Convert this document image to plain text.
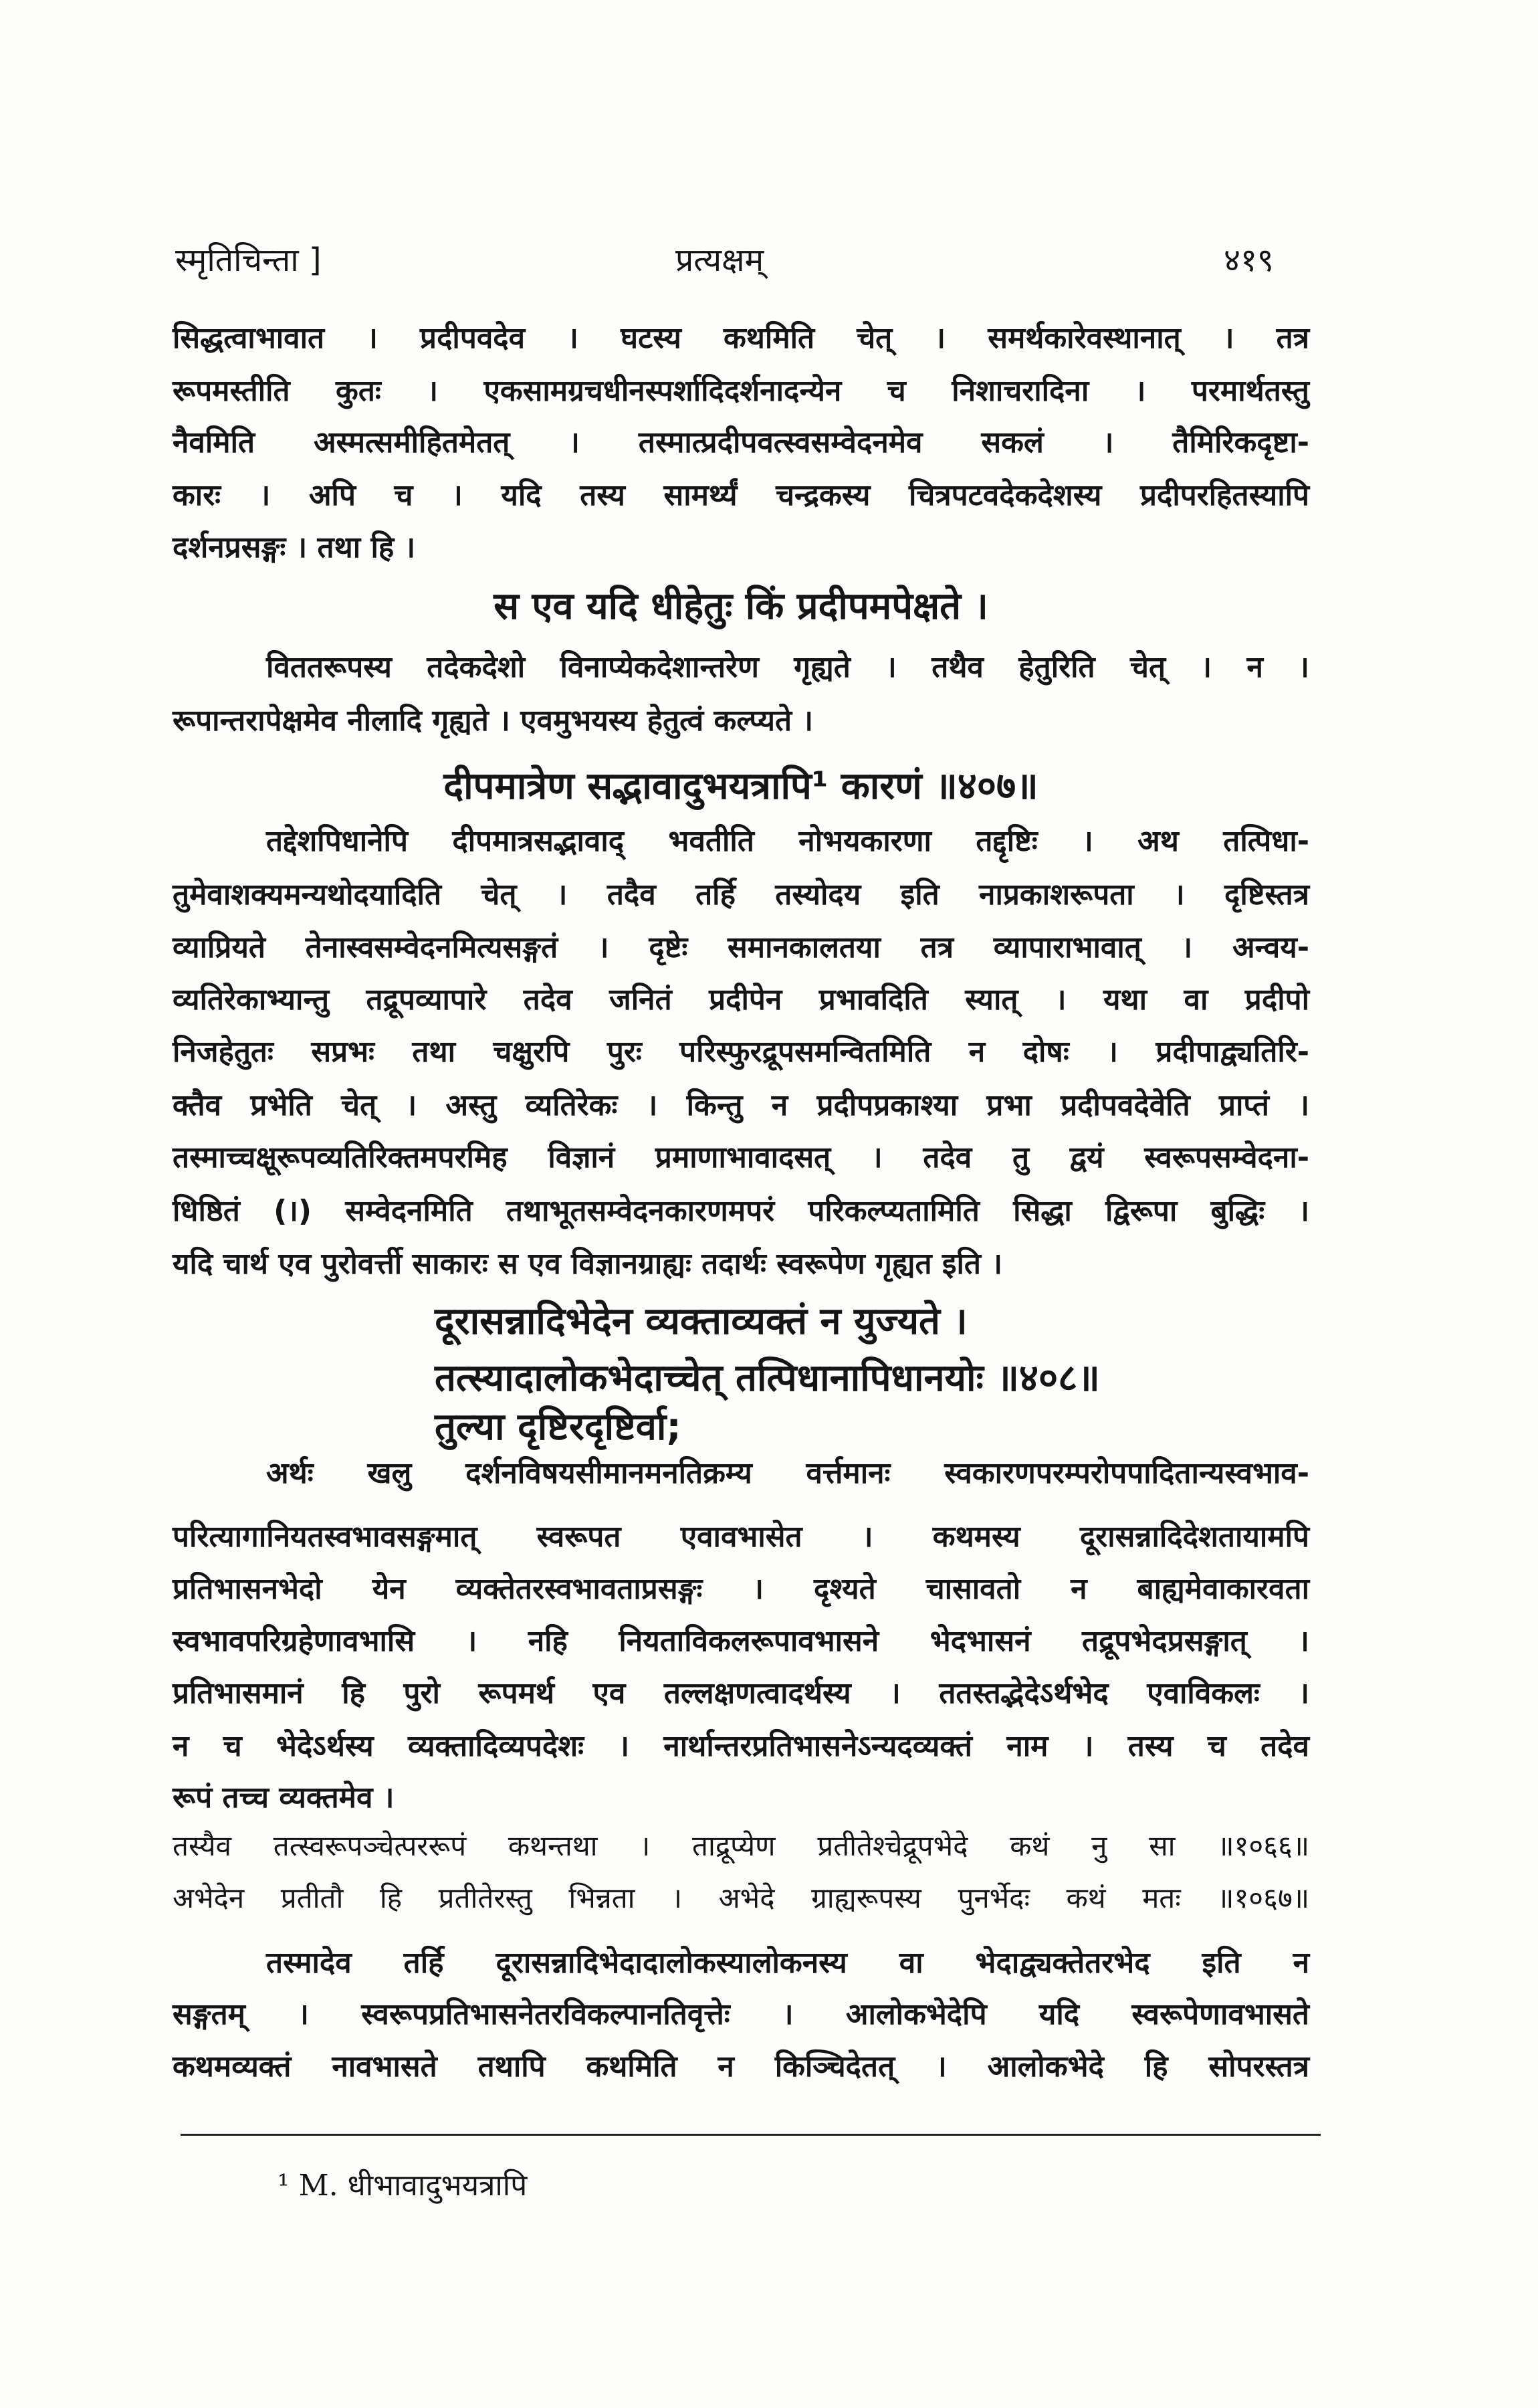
स्मृतिचिन्ता ]	प्रत्यक्षम्	४१९
सिद्धत्वाभावात । प्रदीपवदेव । घटस्य कथमिति चेत् । समर्थकारेवस्थानात् । तत्र
रूपमस्तीति कुतः । एकसामग्रचधीनस्पर्शादिदर्शनादन्येन च निशाचरादिना । परमार्थतस्तु
नैवमिति अस्मत्समीहितमेतत् । तस्मात्प्रदीपवत्स्वसम्वेदनमेव सकलं । तैमिरिकदृष्टा-
कारः । अपि च । यदि तस्य सामर्थ्यं चन्द्रकस्य चित्रपटवदेकदेशस्य प्रदीपरहितस्यापि
दर्शनप्रसङ्गः । तथा हि ।
स एव यदि धीहेतुः किं प्रदीपमपेक्षते ।
विततरूपस्य तदेकदेशो विनाप्येकदेशान्तरेण गृह्यते । तथैव हेतुरिति चेत् । न ।
रूपान्तरापेक्षमेव नीलादि गृह्यते । एवमुभयस्य हेतुत्वं कल्प्यते ।
दीपमात्रेण सद्भावादुभयत्रापि¹ कारणं ॥४०७॥
तद्देशपिधानेपि दीपमात्रसद्भावाद् भवतीति नोभयकारणा तद्दृष्टिः । अथ तत्पिधा-
तुमेवाशक्यमन्यथोदयादिति चेत् । तदैव तर्हि तस्योदय इति नाप्रकाशरूपता । दृष्टिस्तत्र
व्याप्रियते तेनास्वसम्वेदनमित्यसङ्गतं । दृष्टेः समानकालतया तत्र व्यापाराभावात् । अन्वय-
व्यतिरेकाभ्यान्तु तद्रूपव्यापारे तदेव जनितं प्रदीपेन प्रभावदिति स्यात् । यथा वा प्रदीपो
निजहेतुतः सप्रभः तथा चक्षुरपि पुरः परिस्फुरद्रूपसमन्वितमिति न दोषः । प्रदीपाद्व्यतिरि-
क्तैव प्रभेति चेत् । अस्तु व्यतिरेकः । किन्तु न प्रदीपप्रकाश्या प्रभा प्रदीपवदेवेति प्राप्तं ।
तस्माच्चक्षूरूपव्यतिरिक्तमपरमिह विज्ञानं प्रमाणाभावादसत् । तदेव तु द्वयं स्वरूपसम्वेदना-
धिष्ठितं (।) सम्वेदनमिति तथाभूतसम्वेदनकारणमपरं परिकल्प्यतामिति सिद्धा द्विरूपा बुद्धिः ।
यदि चार्थ एव पुरोवर्त्ती साकारः स एव विज्ञानग्राह्यः तदार्थः स्वरूपेण गृह्यत इति ।
दूरासन्नादिभेदेन व्यक्ताव्यक्तं न युज्यते ।
तत्स्यादालोकभेदाच्चेत् तत्पिधानापिधानयोः ॥४०८॥
तुल्या दृष्टिरदृष्टिर्वा;
अर्थः खलु दर्शनविषयसीमानमनतिक्रम्य वर्त्तमानः स्वकारणपरम्परोपपादितान्यस्वभाव-
परित्यागानियतस्वभावसङ्गमात् स्वरूपत एवावभासेत । कथमस्य दूरासन्नादिदेशतायामपि
प्रतिभासनभेदो येन व्यक्तेतरस्वभावताप्रसङ्गः । दृश्यते चासावतो न बाह्यमेवाकारवता
स्वभावपरिग्रहेणावभासि । नहि नियताविकलरूपावभासने भेदभासनं तद्रूपभेदप्रसङ्गात् ।
प्रतिभासमानं हि पुरो रूपमर्थ एव तल्लक्षणत्वादर्थस्य । ततस्तद्भेदेऽर्थभेद एवाविकलः ।
न च भेदेऽर्थस्य व्यक्तादिव्यपदेशः । नार्थान्तरप्रतिभासनेऽन्यदव्यक्तं नाम । तस्य च तदेव
रूपं तच्च व्यक्तमेव ।
तस्यैव तत्स्वरूपञ्चेत्पररूपं कथन्तथा । ताद्रूप्येण प्रतीतेश्चेद्रूपभेदे कथं नु सा ॥१०६६॥
अभेदेन प्रतीतौ हि प्रतीतेरस्तु भिन्नता । अभेदे ग्राह्यरूपस्य पुनर्भेदः कथं मतः ॥१०६७॥
तस्मादेव तर्हि दूरासन्नादिभेदादालोकस्यालोकनस्य वा भेदाद्व्यक्तेतरभेद इति न
सङ्गतम् । स्वरूपप्रतिभासनेतरविकल्पानतिवृत्तेः । आलोकभेदेपि यदि स्वरूपेणावभासते
कथमव्यक्तं नावभासते तथापि कथमिति न किञ्चिदेतत् । आलोकभेदे हि सोपरस्तत्र
¹ M. धीभावादुभयत्रापि
